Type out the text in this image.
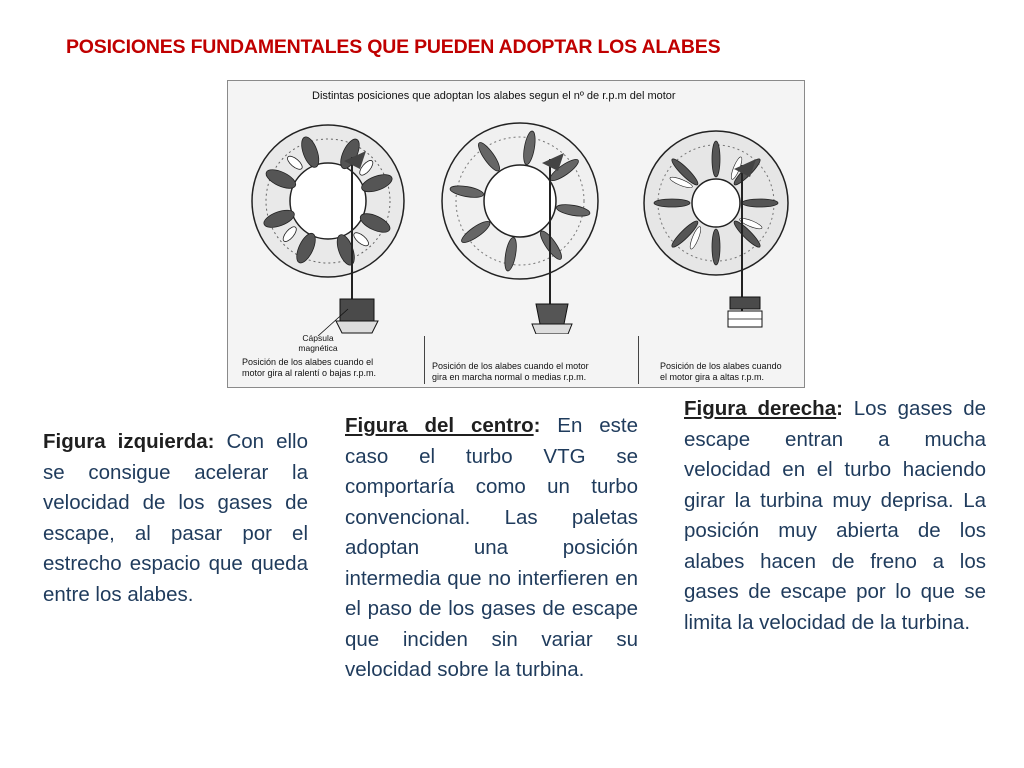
POSICIONES FUNDAMENTALES QUE PUEDEN ADOPTAR LOS ALABES
Distintas posiciones que adoptan los alabes segun el nº de r.p.m del motor
Cápsula
magnética
Posición de los alabes cuando el
motor gira al ralentí o bajas r.p.m.
Posición de los alabes cuando el motor
gira en marcha normal o medias r.p.m.
Posición de los alabes cuando
el motor gira a altas r.p.m.
Figura izquierda: Con ello se consigue acelerar la velocidad de los gases de escape, al pasar por el estrecho espacio que queda entre los alabes.
Figura del centro: En este caso el turbo VTG se comportaría como un turbo convencional. Las paletas adoptan una posición intermedia que no interfieren en el paso de los gases de escape que inciden sin variar su velocidad sobre la turbina.
Figura derecha: Los gases de escape entran a mucha velocidad en el turbo haciendo girar la turbina muy deprisa. La posición muy abierta de los alabes hacen de freno a los gases de escape por lo que se limita la velocidad de la turbina.
